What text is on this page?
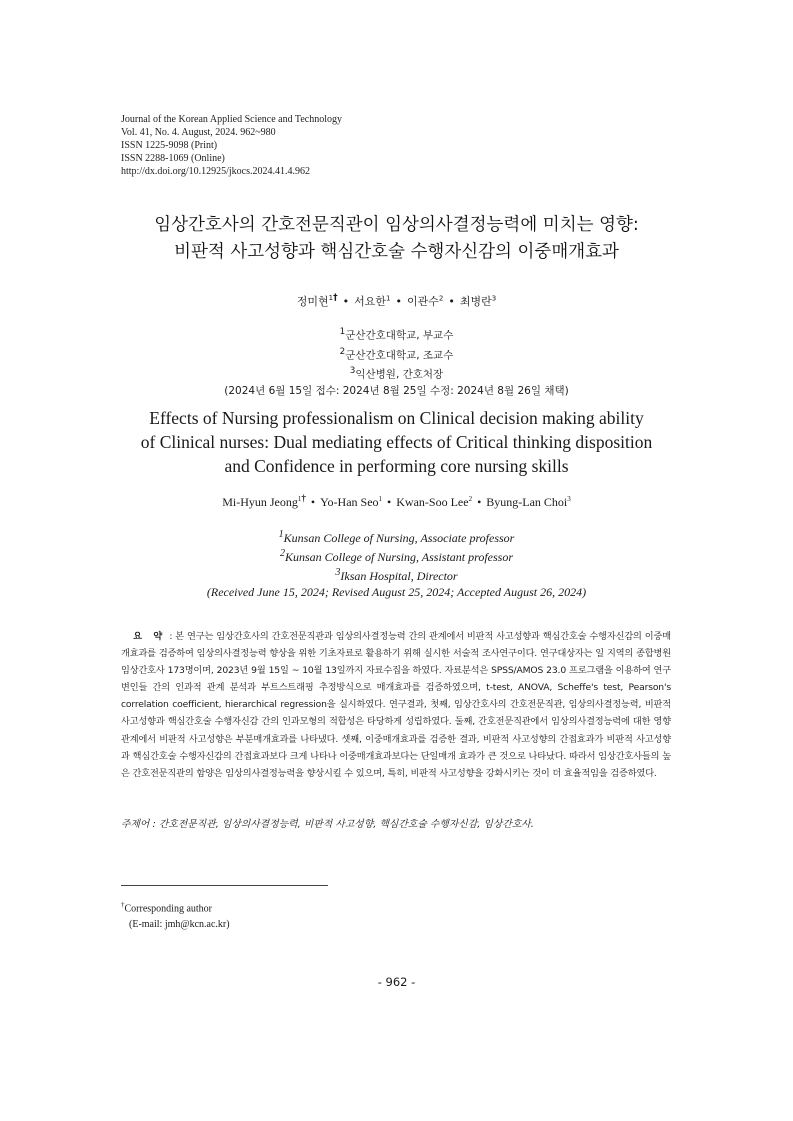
Journal of the Korean Applied Science and Technology
Vol. 41, No. 4. August, 2024. 962~980
ISSN 1225-9098 (Print)
ISSN 2288-1069 (Online)
http://dx.doi.org/10.12925/jkocs.2024.41.4.962
임상간호사의 간호전문직관이 임상의사결정능력에 미치는 영향:
비판적 사고성향과 핵심간호술 수행자신감의 이중매개효과
정미현$^{1\dagger}$ • 서요한$^1$ • 이관수$^2$ • 최병란$^3$
$^1$군산간호대학교, 부교수
$^2$군산간호대학교, 조교수
$^3$익산병원, 간호처장
(2024년 6월 15일 접수: 2024년 8월 25일 수정: 2024년 8월 26일 채택)
Effects of Nursing professionalism on Clinical decision making ability
of Clinical nurses: Dual mediating effects of Critical thinking disposition
and Confidence in performing core nursing skills
Mi-Hyun Jeong$^{1\dagger}$ • Yo-Han Seo$^1$ • Kwan-Soo Lee$^2$ • Byung-Lan Choi$^3$
$^1$Kunsan College of Nursing, Associate professor
$^2$Kunsan College of Nursing, Assistant professor
$^3$Iksan Hospital, Director
(Received June 15, 2024; Revised August 25, 2024; Accepted August 26, 2024)
요 약 : 본 연구는 임상간호사의 간호전문직관과 임상의사결정능력 간의 관계에서 비판적 사고성향과 핵심간호술 수행자신감의 이중매개효과를 검증하여 임상의사결정능력 향상을 위한 기초자료로 활용하기 위해 실시한 서술적 조사연구이다. 연구대상자는 일 지역의 종합병원 임상간호사 173명이며, 2023년 9월 15일 ~ 10월 13일까지 자료수집을 하였다. 자료분석은 SPSS/AMOS 23.0 프로그램을 이용하여 연구변인들 간의 인과적 관계 분석과 부트스트래핑 추정방식으로 매개효과를 검증하였으며, t-test, ANOVA, Scheffe's test, Pearson's correlation coefficient, hierarchical regression을 실시하였다. 연구결과, 첫째, 임상간호사의 간호전문직관, 임상의사결정능력, 비판적 사고성향과 핵심간호술 수행자신감 간의 인과모형의 적합성은 타당하게 성립하였다. 둘째, 간호전문직관에서 임상의사결정능력에 대한 영향관계에서 비판적 사고성향은 부분매개효과를 나타냈다. 셋째, 이중매개효과를 검증한 결과, 비판적 사고성향의 간접효과가 비판적 사고성향과 핵심간호술 수행자신감의 간접효과보다 크게 나타나 이중매개효과보다는 단일매개 효과가 큰 것으로 나타났다. 따라서 임상간호사들의 높은 간호전문직관의 함양은 임상의사결정능력을 향상시킬 수 있으며, 특히, 비판적 사고성향을 강화시키는 것이 더 효율적임을 검증하였다.
주제어 : 간호전문직관, 임상의사결정능력, 비판적 사고성향, 핵심간호술 수행자신감, 임상간호사.
†Corresponding author
(E-mail: jmh@kcn.ac.kr)
- 962 -
